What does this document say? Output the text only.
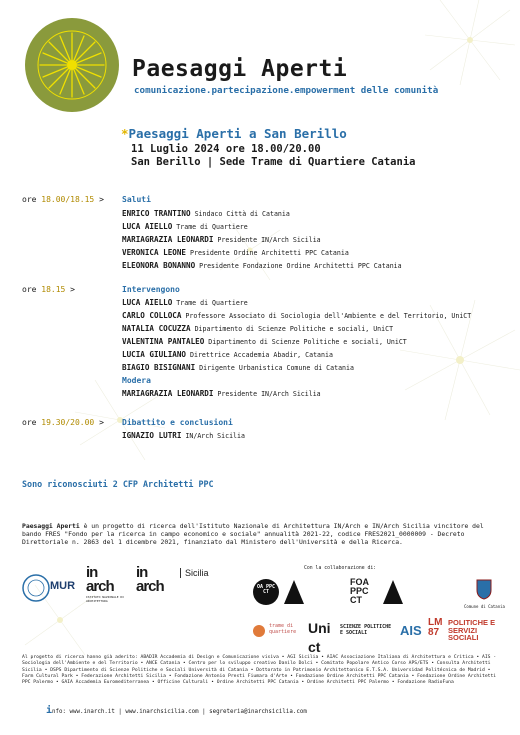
Paesaggi Aperti
comunicazione.partecipazione.empowerment delle comunità
*Paesaggi Aperti a San Berillo
11 Luglio 2024 ore 18.00/20.00
San Berillo | Sede Trame di Quartiere Catania
ore 18.00/18.15 > Saluti
ENRICO TRANTINO Sindaco Città di Catania
LUCA AIELLO Trame di Quartiere
MARIAGRAZIA LEONARDI Presidente IN/Arch Sicilia
VERONICA LEONE Presidente Ordine Architetti PPC Catania
ELEONORA BONANNO Presidente Fondazione Ordine Architetti PPC Catania
ore 18.15 >	Intervengono
LUCA AIELLO Trame di Quartiere
CARLO COLLOCA Professore Associato di Sociologia dell'Ambiente e del Territorio, UniCT
NATALIA COCUZZA Dipartimento di Scienze Politiche e sociali, UniCT
VALENTINA PANTALEO Dipartimento di Scienze Politiche e sociali, UniCT
LUCIA GIULIANO Direttrice Accademia Abadir, Catania
BIAGIO BISIGNANI Dirigente Urbanistica Comune di Catania
Modera
MARIAGRAZIA LEONARDI Presidente IN/Arch Sicilia
ore 19.30/20.00 > Dibattito e conclusioni
IGNAZIO LUTRI IN/Arch Sicilia
Sono riconosciuti 2 CFP Architetti PPC
Paesaggi Aperti è un progetto di ricerca dell'Istituto Nazionale di Architettura IN/Arch e IN/Arch Sicilia vincitore del bando FRES "Fondo per la ricerca in campo economico e sociale" annualità 2021-22, codice FRES2021_0000009 - Decreto Direttoriale n. 2863 del 1 dicembre 2021, finanziato dal Ministero dell'Università e della Ricerca.
MUR
in arch
ISTITUTO NAZIONALE DI ARCHITETTURA
in arch
Sicilia	Con la collaborazione di:
OA PPC CT
FOA PPC CT
Comune di Catania
trame di quartiere Uni ct
SCIENZE POLITICHE E SOCIALI	AIS
LM 87
POLITICHE E SERVIZI SOCIALI
Al progetto di ricerca hanno già aderito: ABADIR Accademia di Design e Comunicazione visiva • AGI Sicilia • AIAC Associazione Italiana di Architettura e Critica • AIS - Sociologia dell'Ambiente e del Territorio • ANCE Catania • Centro per lo sviluppo creativo Danilo Dolci • Comitato Popolare Antico Corso APS/ETS • Consulta Architetti Sicilia • DSPS Dipartimento di Scienze Politiche e Sociali Università di Catania • Dottorato in Patrimonio Architettonico E.T.S.A. Universidad Politécnica de Madrid • Farm Cultural Park • Federazione Architetti Sicilia • Fondazione Antonio Presti Fiumara d'Arte • Fondazione Ordine Architetti PPC Catania • Fondazione Ordine Architetti PPC Palermo • GAIA Accademia Euromediterranea • Officine Culturali • Ordine Architetti PPC Catania • Ordine Architetti PPC Palermo • Fondazione RadioFuna
info: www.inarch.it | www.inarchsicilia.com | segreteria@inarchsicilia.com
